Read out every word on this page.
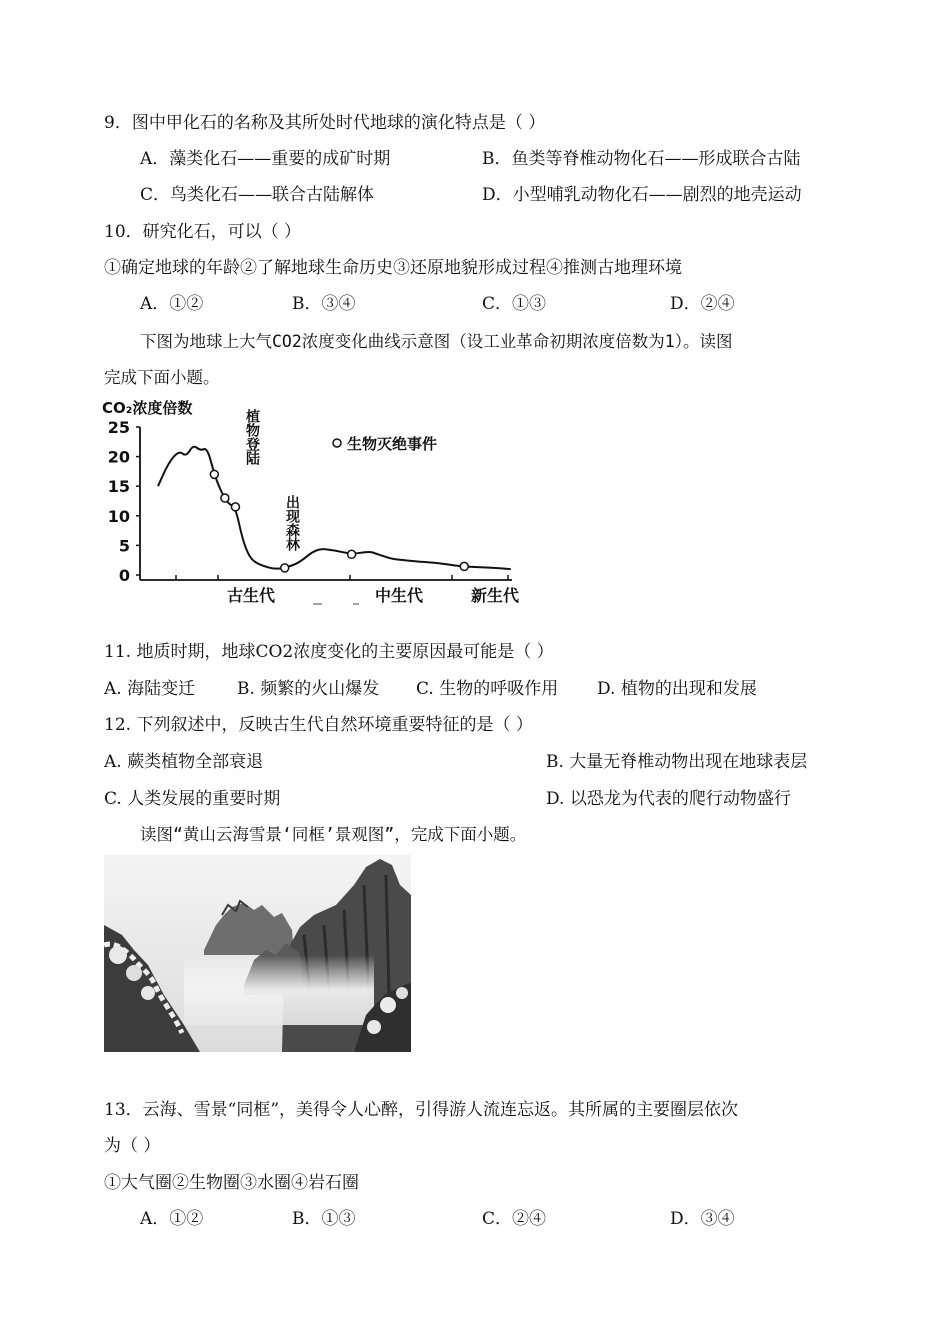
9．图中甲化石的名称及其所处时代地球的演化特点是（ ）
A．藻类化石——重要的成矿时期	B．鱼类等脊椎动物化石——形成联合古陆
C．鸟类化石——联合古陆解体	D．小型哺乳动物化石——剧烈的地壳运动
10．研究化石，可以（ ）
①确定地球的年龄②了解地球生命历史③还原地貌形成过程④推测古地理环境
A．①②	B．③④	C．①③	D．②④
下图为地球上大气CO2浓度变化曲线示意图（设工业革命初期浓度倍数为1）。读图
完成下面小题。
CO₂浓度倍数
25
20
15
10
5
0
植物登陆
出现森林
生物灭绝事件
古生代	中生代	新生代
11. 地质时期，地球CO2浓度变化的主要原因最可能是（ ）
A. 海陆变迁 B. 频繁的火山爆发 C. 生物的呼吸作用 D. 植物的出现和发展
12. 下列叙述中，反映古生代自然环境重要特征的是（ ）
A. 蕨类植物全部衰退	B. 大量无脊椎动物出现在地球表层
C. 人类发展的重要时期	D. 以恐龙为代表的爬行动物盛行
读图“黄山云海雪景‘同框’景观图”，完成下面小题。
13．云海、雪景“同框”，美得令人心醉，引得游人流连忘返。其所属的主要圈层依次
为（ ）
①大气圈②生物圈③水圈④岩石圈
A．①②	B．①③	C．②④	D．③④
